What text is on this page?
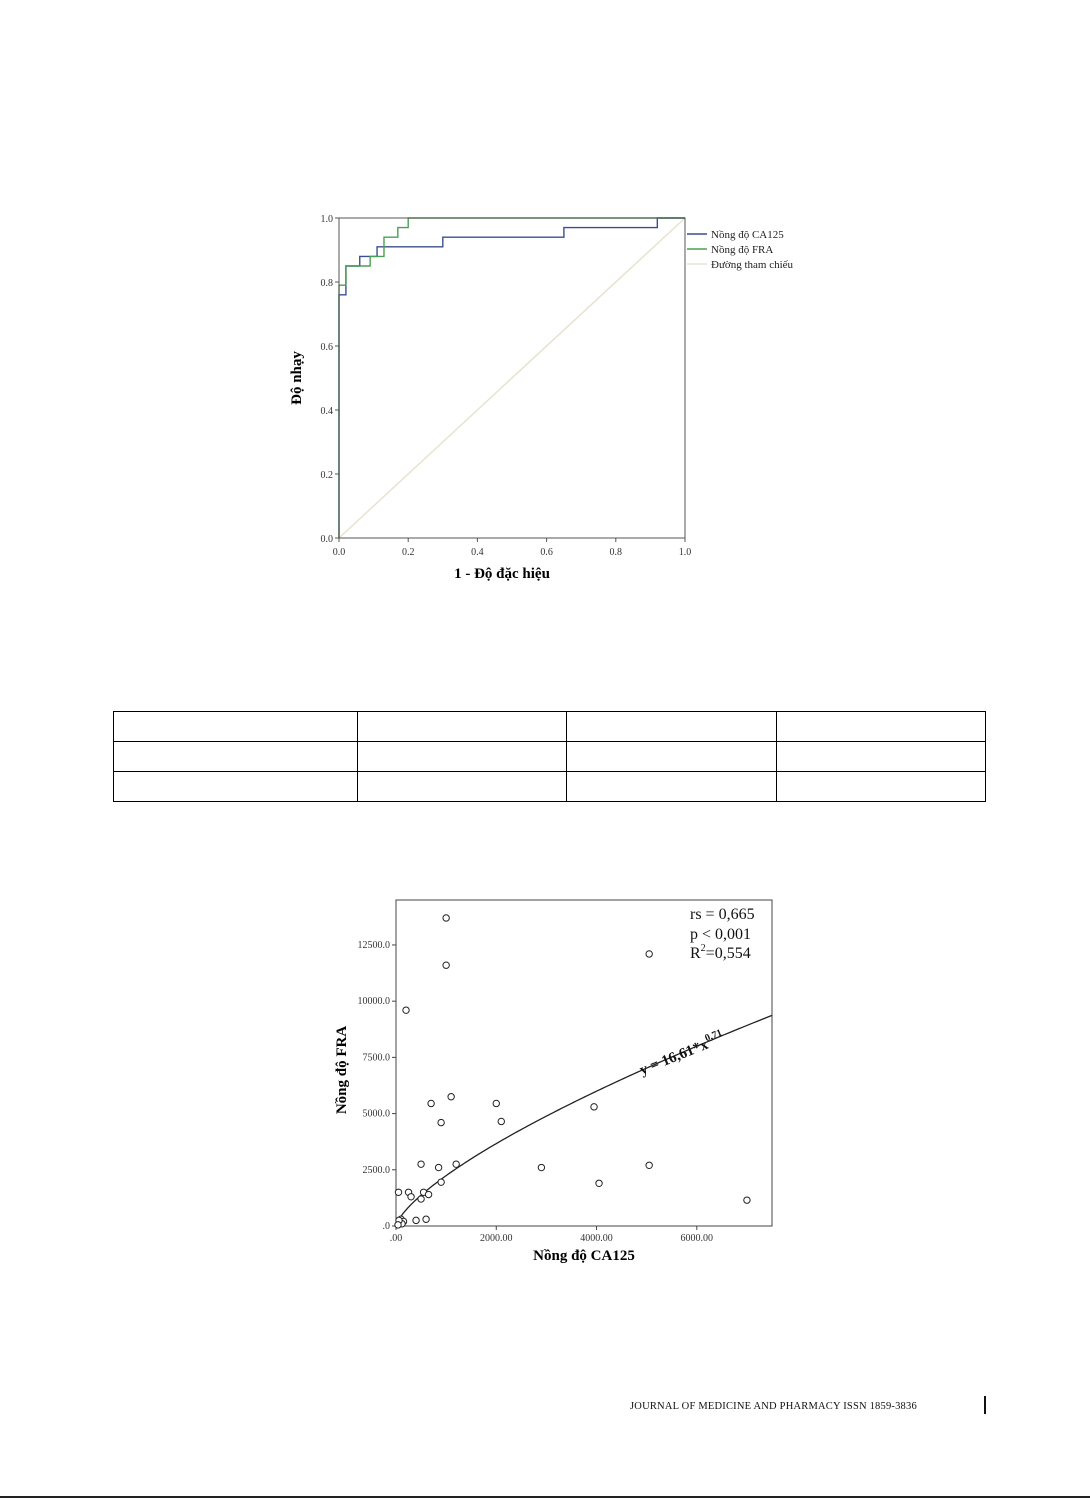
0.0	0.2	0.4	0.6	0.8	1.0
0.0
0.2
0.4
0.6
0.8
1.0
Nồng độ CA125
Nồng độ FRA
Đường tham chiếu
1 - Độ đặc hiệu
Độ nhạy

.00	2000.00	4000.00	6000.00
.0
2500.0
5000.0
7500.0
10000.0
12500.0
rs = 0,665
p < 0,001
$R^2=0,554$
$y = 16,61*x^{0,71}$
Nồng độ CA125
Nồng độ FRA
JOURNAL OF MEDICINE AND PHARMACY ISSN 1859-3836
